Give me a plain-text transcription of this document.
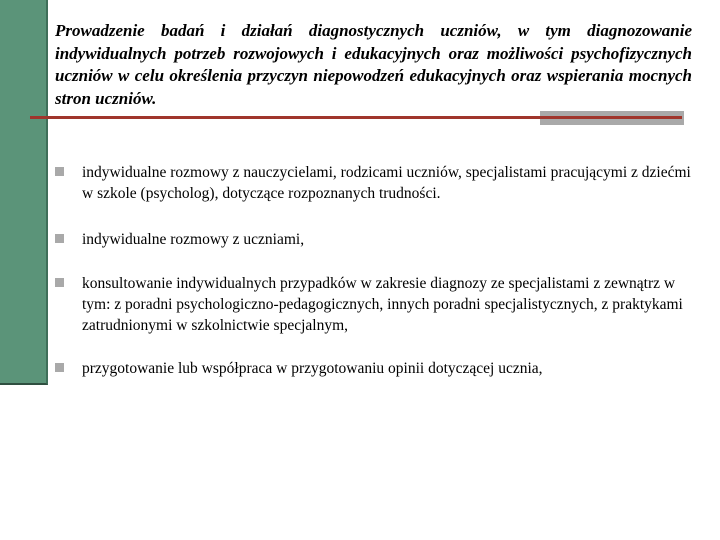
Prowadzenie badań i działań diagnostycznych uczniów, w tym diagnozowanie indywidualnych potrzeb rozwojowych i edukacyjnych oraz możliwości psychofizycznych uczniów w celu określenia przyczyn niepowodzeń edukacyjnych oraz wspierania mocnych stron uczniów.

indywidualne rozmowy z nauczycielami, rodzicami uczniów, specjalistami pracującymi z dziećmi w szkole (psycholog), dotyczące rozpoznanych trudności.
indywidualne rozmowy z uczniami,
konsultowanie indywidualnych przypadków w zakresie diagnozy ze specjalistami z zewnątrz w tym: z poradni psychologiczno-pedagogicznych, innych poradni specjalistycznych, z praktykami zatrudnionymi w szkolnictwie specjalnym,
przygotowanie lub współpraca w przygotowaniu opinii dotyczącej ucznia,
